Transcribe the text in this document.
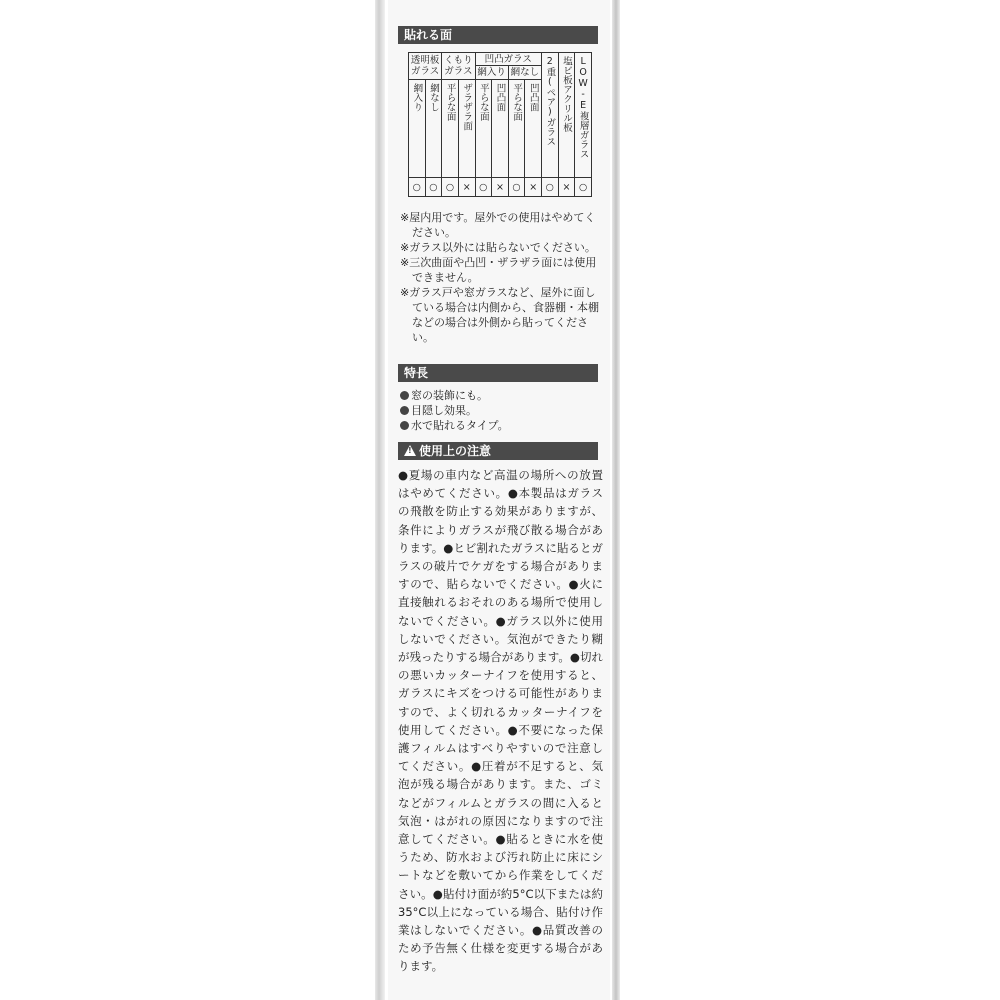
貼れる面
透明板ガラス		くもりガラス		凹凸ガラス				2重(ペア)ガラス	塩ビ板アクリル板	LOW-E複層ガラス
				網入り		網なし				
網入り	網なし	平らな面	ザラザラ面	平らな面	凹凸面	平らな面	凹凸面			
○	○	○	×	○	×	○	×	○	×	○

※屋内用です。屋外での使用はやめてください。

※ガラス以外には貼らないでください。

※三次曲面や凸凹・ザラザラ面には使用できません。

※ガラス戸や窓ガラスなど、屋外に面している場合は内側から、食器棚・本棚などの場合は外側から貼ってください。

特長

窓の装飾にも。

目隠し効果。

水で貼れるタイプ。

!使用上の注意

●夏場の車内など高温の場所への放置はやめてください。●本製品はガラスの飛散を防止する効果がありますが、条件によりガラスが飛び散る場合があります。●ヒビ割れたガラスに貼るとガラスの破片でケガをする場合がありますので、貼らないでください。●火に直接触れるおそれのある場所で使用しないでください。●ガラス以外に使用しないでください。気泡ができたり糊が残ったりする場合があります。●切れの悪いカッターナイフを使用すると、ガラスにキズをつける可能性がありますので、よく切れるカッターナイフを使用してください。●不要になった保護フィルムはすべりやすいので注意してください。●圧着が不足すると、気泡が残る場合があります。また、ゴミなどがフィルムとガラスの間に入ると気泡・はがれの原因になりますので注意してください。●貼るときに水を使うため、防水および汚れ防止に床にシートなどを敷いてから作業をしてください。●貼付け面が約5°C以下または約35°C以上になっている場合、貼付け作業はしないでください。●品質改善のため予告無く仕様を変更する場合があります。
